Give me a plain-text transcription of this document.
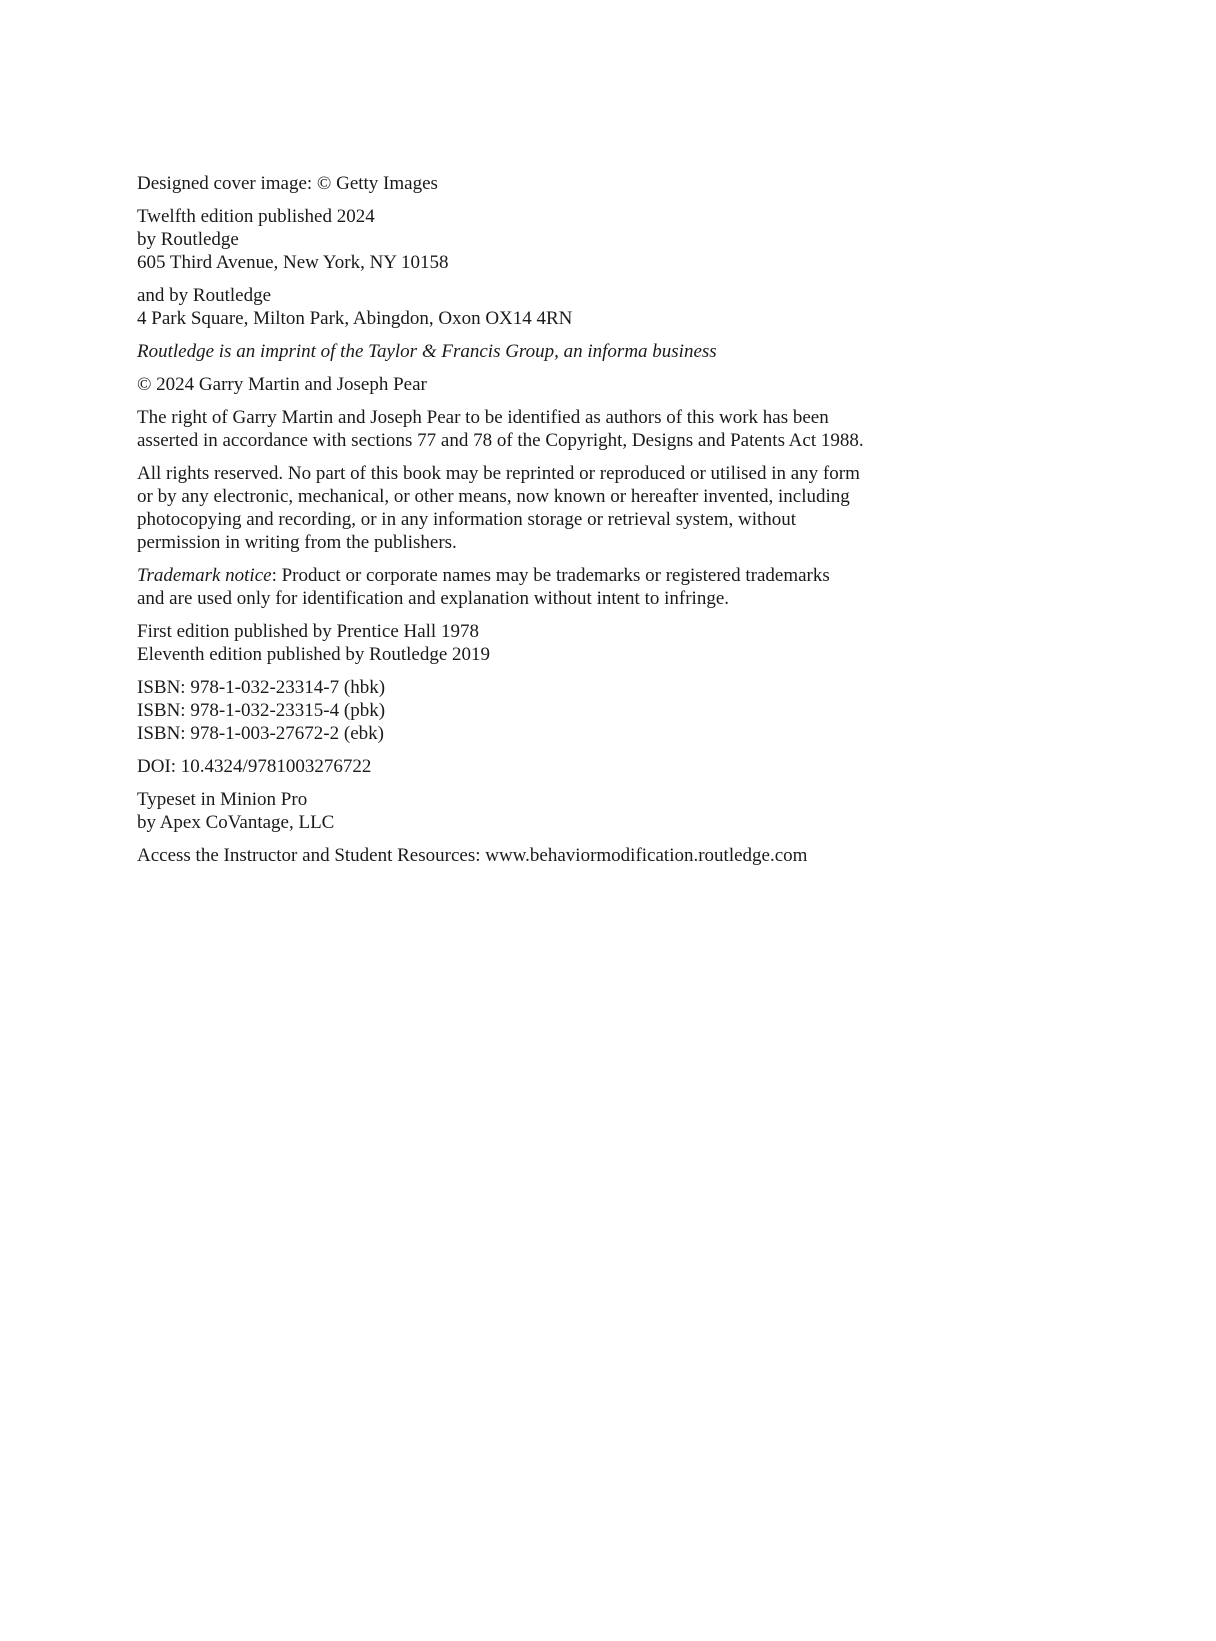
Designed cover image: © Getty Images

Twelfth edition published 2024
by Routledge
605 Third Avenue, New York, NY 10158

and by Routledge
4 Park Square, Milton Park, Abingdon, Oxon OX14 4RN

Routledge is an imprint of the Taylor & Francis Group, an informa business

© 2024 Garry Martin and Joseph Pear

The right of Garry Martin and Joseph Pear to be identified as authors of this work has been
asserted in accordance with sections 77 and 78 of the Copyright, Designs and Patents Act 1988.

All rights reserved. No part of this book may be reprinted or reproduced or utilised in any form
or by any electronic, mechanical, or other means, now known or hereafter invented, including
photocopying and recording, or in any information storage or retrieval system, without
permission in writing from the publishers.

Trademark notice: Product or corporate names may be trademarks or registered trademarks
and are used only for identification and explanation without intent to infringe.

First edition published by Prentice Hall 1978
Eleventh edition published by Routledge 2019

ISBN: 978-1-032-23314-7 (hbk)
ISBN: 978-1-032-23315-4 (pbk)
ISBN: 978-1-003-27672-2 (ebk)

DOI: 10.4324/9781003276722

Typeset in Minion Pro
by Apex CoVantage, LLC

Access the Instructor and Student Resources: www.behaviormodification.routledge.com
